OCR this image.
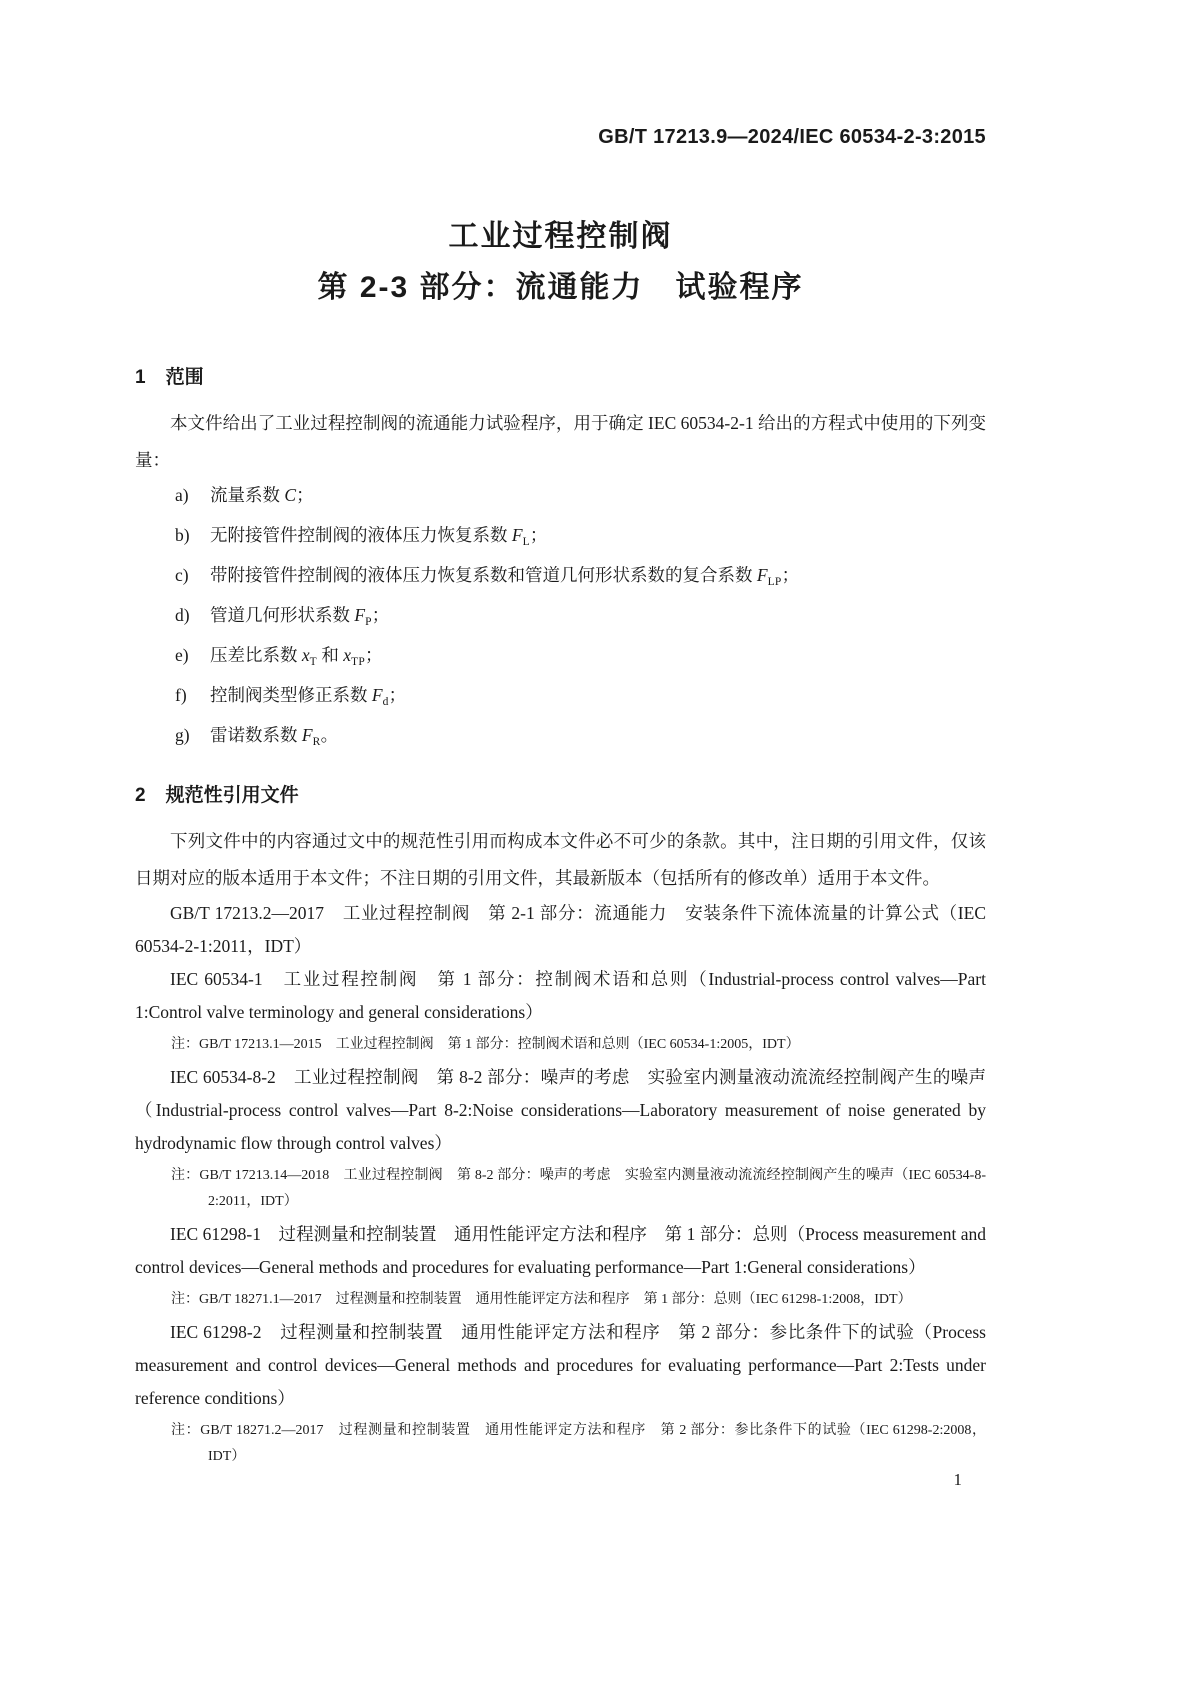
GB/T 17213.9—2024/IEC 60534-2-3:2015
工业过程控制阀
第 2-3 部分：流通能力　试验程序
1 范围

本文件给出了工业过程控制阀的流通能力试验程序，用于确定 IEC 60534-2-1 给出的方程式中使用的下列变量：

a) 流量系数 C；
b) 无附接管件控制阀的液体压力恢复系数 $F_L$；
c) 带附接管件控制阀的液体压力恢复系数和管道几何形状系数的复合系数 $F_{LP}$；
d) 管道几何形状系数 $F_P$；
e) 压差比系数 $x_T$ 和 $x_{TP}$；
f) 控制阀类型修正系数 $F_d$；
g) 雷诺数系数 $F_R$。
2 规范性引用文件

下列文件中的内容通过文中的规范性引用而构成本文件必不可少的条款。其中，注日期的引用文件，仅该日期对应的版本适用于本文件；不注日期的引用文件，其最新版本（包括所有的修改单）适用于本文件。

GB/T 17213.2—2017　工业过程控制阀　第 2-1 部分：流通能力　安装条件下流体流量的计算公式（IEC 60534-2-1:2011，IDT）

IEC 60534-1　工业过程控制阀　第 1 部分：控制阀术语和总则（Industrial-process control valves—Part 1:Control valve terminology and general considerations）

注：GB/T 17213.1—2015　工业过程控制阀　第 1 部分：控制阀术语和总则（IEC 60534-1:2005，IDT）

IEC 60534-8-2　工业过程控制阀　第 8-2 部分：噪声的考虑　实验室内测量液动流流经控制阀产生的噪声（Industrial-process control valves—Part 8-2:Noise considerations—Laboratory measurement of noise generated by hydrodynamic flow through control valves）

注：GB/T 17213.14—2018　工业过程控制阀　第 8-2 部分：噪声的考虑　实验室内测量液动流流经控制阀产生的噪声（IEC 60534-8-2:2011，IDT）

IEC 61298-1　过程测量和控制装置　通用性能评定方法和程序　第 1 部分：总则（Process measurement and control devices—General methods and procedures for evaluating performance—Part 1:General considerations）

注：GB/T 18271.1—2017　过程测量和控制装置　通用性能评定方法和程序　第 1 部分：总则（IEC 61298-1:2008，IDT）

IEC 61298-2　过程测量和控制装置　通用性能评定方法和程序　第 2 部分：参比条件下的试验（Process measurement and control devices—General methods and procedures for evaluating performance—Part 2:Tests under reference conditions）

注：GB/T 18271.2—2017　过程测量和控制装置　通用性能评定方法和程序　第 2 部分：参比条件下的试验（IEC 61298-2:2008，IDT）

1
